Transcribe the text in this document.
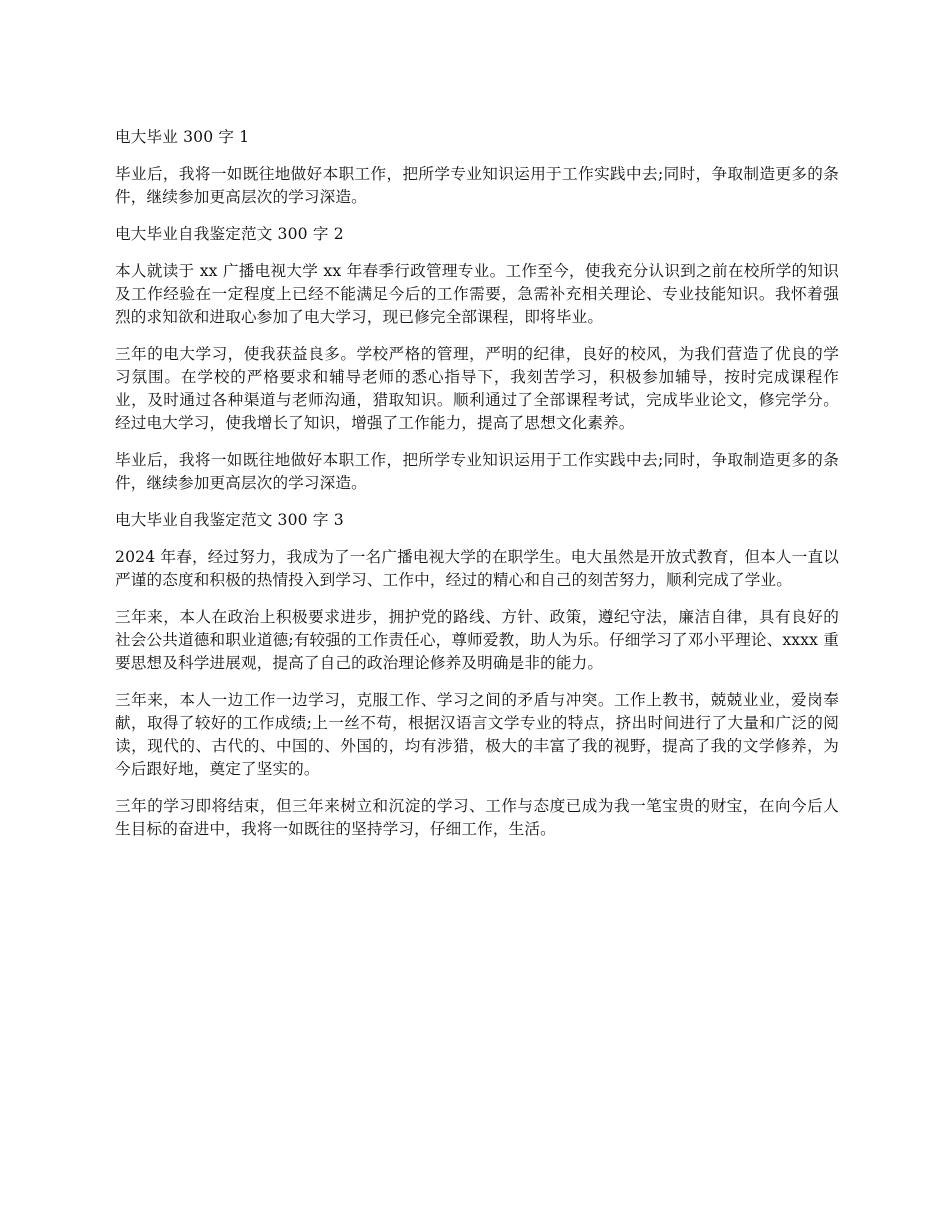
电大毕业 300 字 1

毕业后，我将一如既往地做好本职工作，把所学专业知识运用于工作实践中去;同时，争取制造更多的条件，继续参加更高层次的学习深造。

电大毕业自我鉴定范文 300 字 2

本人就读于 xx 广播电视大学 xx 年春季行政管理专业。工作至今，使我充分认识到之前在校所学的知识及工作经验在一定程度上已经不能满足今后的工作需要，急需补充相关理论、专业技能知识。我怀着强烈的求知欲和进取心参加了电大学习，现已修完全部课程，即将毕业。

三年的电大学习，使我获益良多。学校严格的管理，严明的纪律，良好的校风，为我们营造了优良的学习氛围。在学校的严格要求和辅导老师的悉心指导下，我刻苦学习，积极参加辅导，按时完成课程作业，及时通过各种渠道与老师沟通，猎取知识。顺利通过了全部课程考试，完成毕业论文，修完学分。经过电大学习，使我增长了知识，增强了工作能力，提高了思想文化素养。

毕业后，我将一如既往地做好本职工作，把所学专业知识运用于工作实践中去;同时，争取制造更多的条件，继续参加更高层次的学习深造。

电大毕业自我鉴定范文 300 字 3

2024 年春，经过努力，我成为了一名广播电视大学的在职学生。电大虽然是开放式教育，但本人一直以严谨的态度和积极的热情投入到学习、工作中，经过的精心和自己的刻苦努力，顺利完成了学业。

三年来，本人在政治上积极要求进步，拥护党的路线、方针、政策，遵纪守法，廉洁自律，具有良好的社会公共道德和职业道德;有较强的工作责任心，尊师爱教，助人为乐。仔细学习了邓小平理论、xxxx 重要思想及科学进展观，提高了自己的政治理论修养及明确是非的能力。

三年来，本人一边工作一边学习，克服工作、学习之间的矛盾与冲突。工作上教书，兢兢业业，爱岗奉献，取得了较好的工作成绩;上一丝不苟，根据汉语言文学专业的特点，挤出时间进行了大量和广泛的阅读，现代的、古代的、中国的、外国的，均有涉猎，极大的丰富了我的视野，提高了我的文学修养，为今后跟好地，奠定了坚实的。

三年的学习即将结束，但三年来树立和沉淀的学习、工作与态度已成为我一笔宝贵的财宝，在向今后人生目标的奋进中，我将一如既往的坚持学习，仔细工作，生活。
